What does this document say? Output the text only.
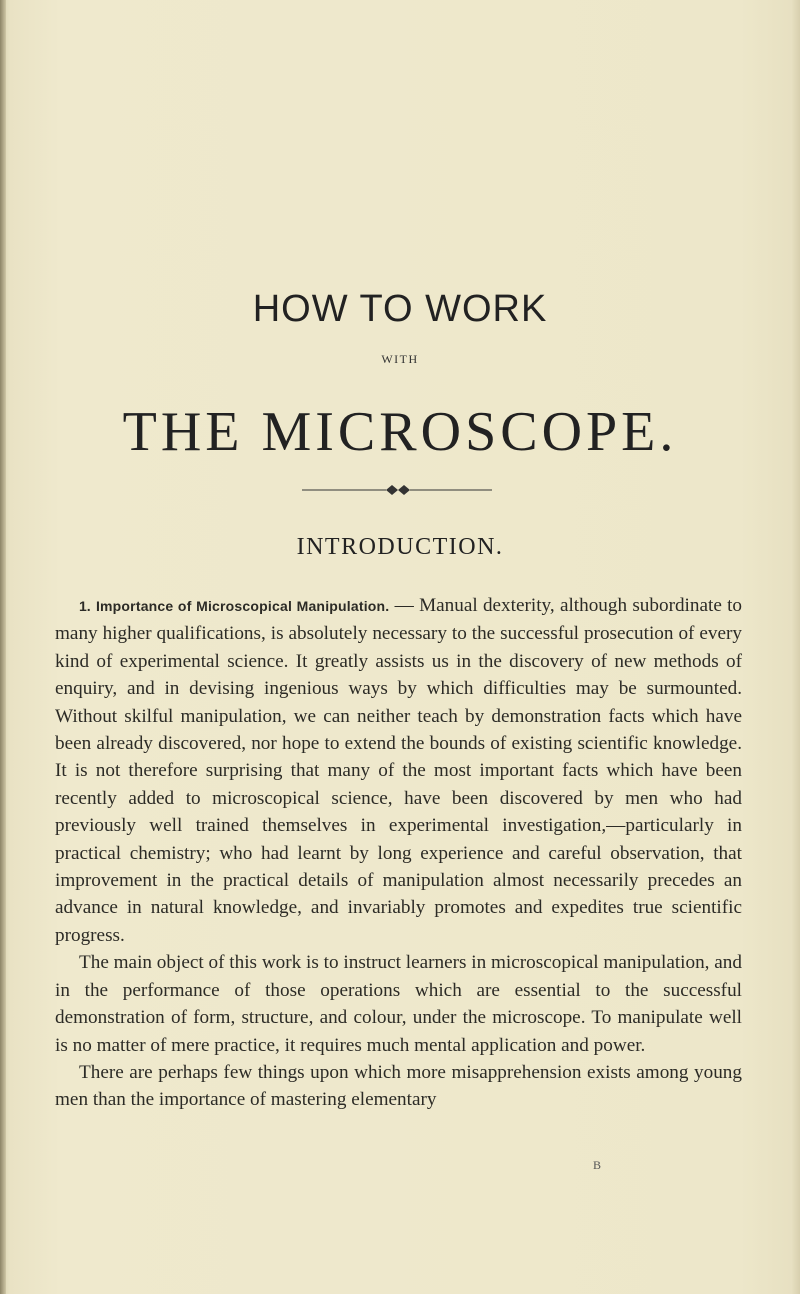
HOW TO WORK
WITH
THE MICROSCOPE.
INTRODUCTION.

1. Importance of Microscopical Manipulation. — Manual dexterity, although subordinate to many higher qualifications, is absolutely necessary to the successful prosecution of every kind of experimental science. It greatly assists us in the discovery of new methods of enquiry, and in devising ingenious ways by which difficulties may be surmounted. Without skilful manipulation, we can neither teach by demonstration facts which have been already discovered, nor hope to extend the bounds of existing scientific knowledge. It is not therefore surprising that many of the most important facts which have been recently added to microscopical science, have been discovered by men who had previously well trained themselves in experimental investigation,—particularly in practical chemistry; who had learnt by long experience and careful observation, that improvement in the practical details of manipulation almost necessarily precedes an advance in natural knowledge, and invariably promotes and expedites true scientific progress.

The main object of this work is to instruct learners in microscopical manipulation, and in the performance of those operations which are essential to the successful demonstration of form, structure, and colour, under the microscope. To manipulate well is no matter of mere practice, it requires much mental application and power.

There are perhaps few things upon which more misapprehension exists among young men than the importance of mastering elementary

B
